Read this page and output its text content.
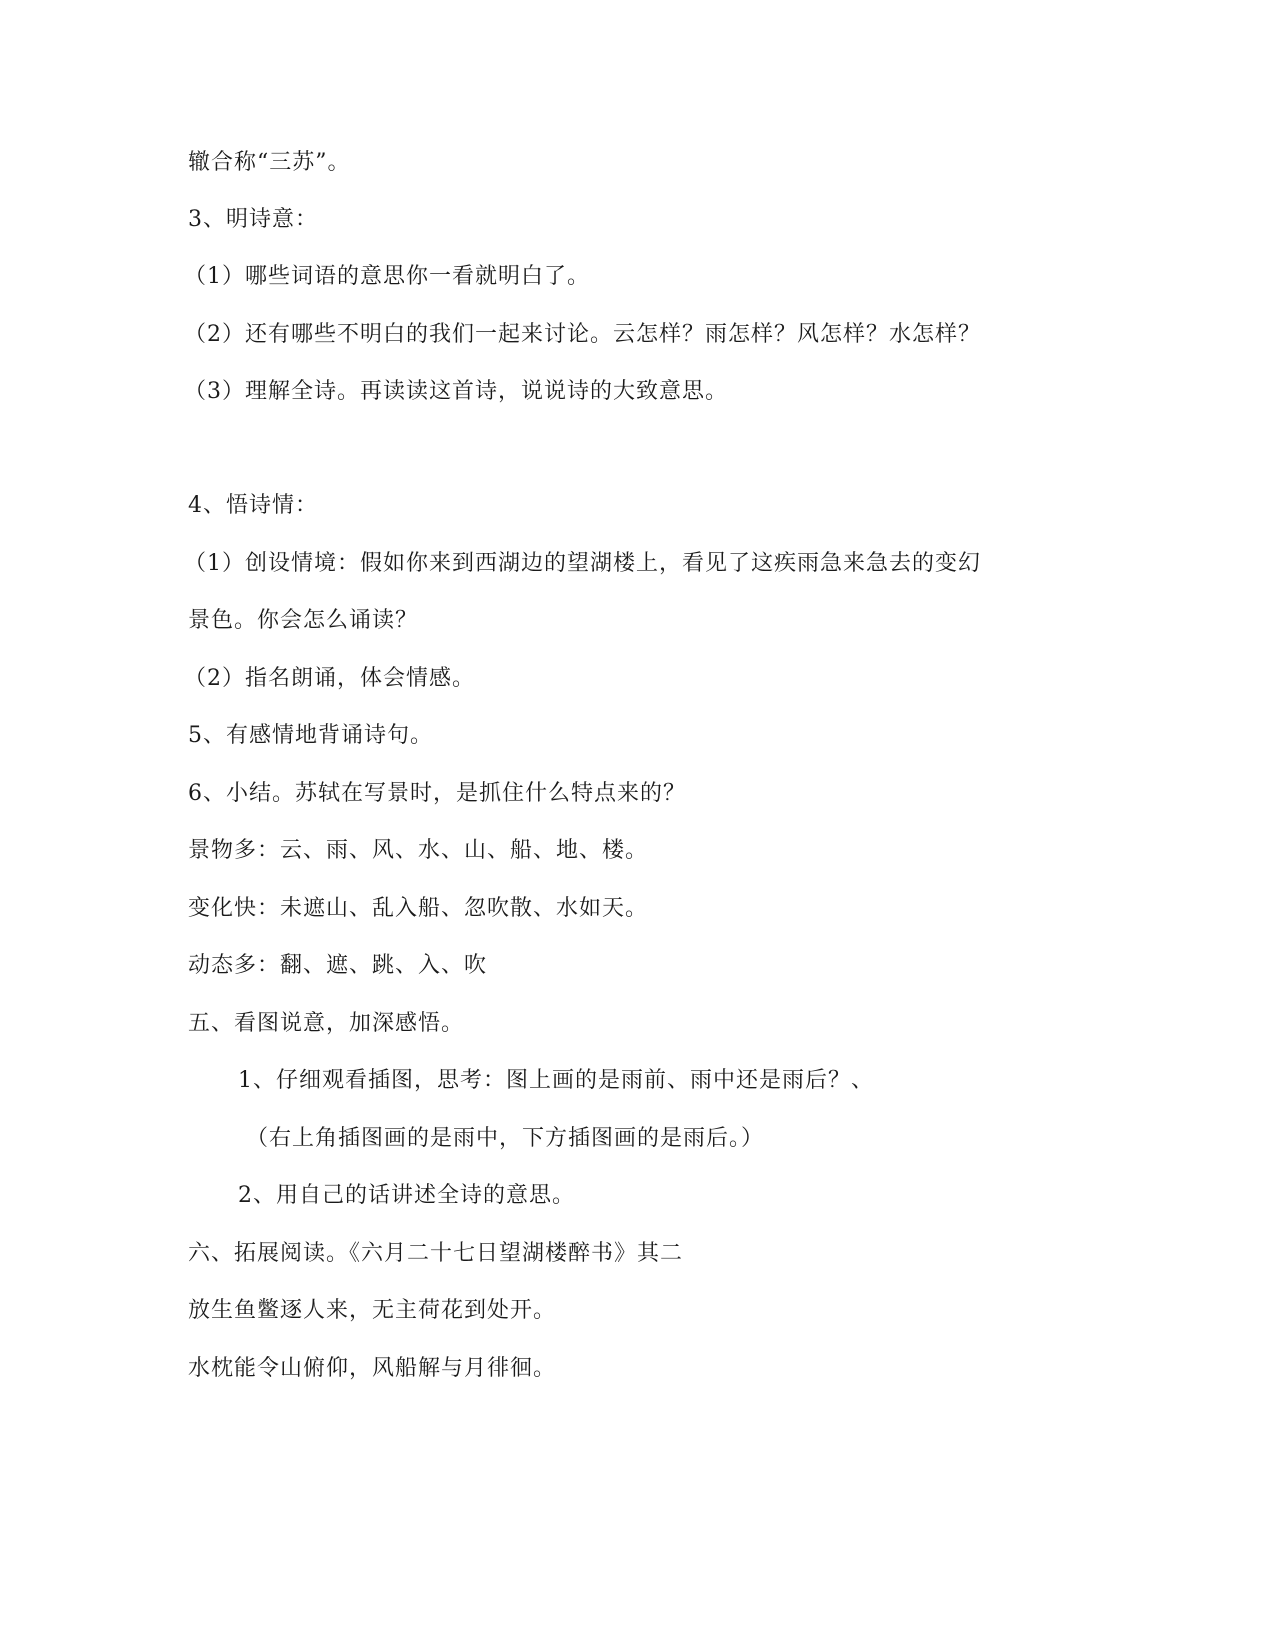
辙合称“三苏”。
3、明诗意：
（1）哪些词语的意思你一看就明白了。
（2）还有哪些不明白的我们一起来讨论。云怎样？雨怎样？风怎样？水怎样？
（3）理解全诗。再读读这首诗，说说诗的大致意思。
4、悟诗情：
（1）创设情境：假如你来到西湖边的望湖楼上，看见了这疾雨急来急去的变幻
景色。你会怎么诵读？
（2）指名朗诵，体会情感。
5、有感情地背诵诗句。
6、小结。苏轼在写景时，是抓住什么特点来的？
景物多：云、雨、风、水、山、船、地、楼。
变化快：未遮山、乱入船、忽吹散、水如天。
动态多：翻、遮、跳、入、吹
五、看图说意，加深感悟。
1、仔细观看插图，思考：图上画的是雨前、雨中还是雨后？、
（右上角插图画的是雨中，下方插图画的是雨后。）
2、用自己的话讲述全诗的意思。
六、拓展阅读。《六月二十七日望湖楼醉书》其二
放生鱼鳖逐人来，无主荷花到处开。
水枕能令山俯仰，风船解与月徘徊。
